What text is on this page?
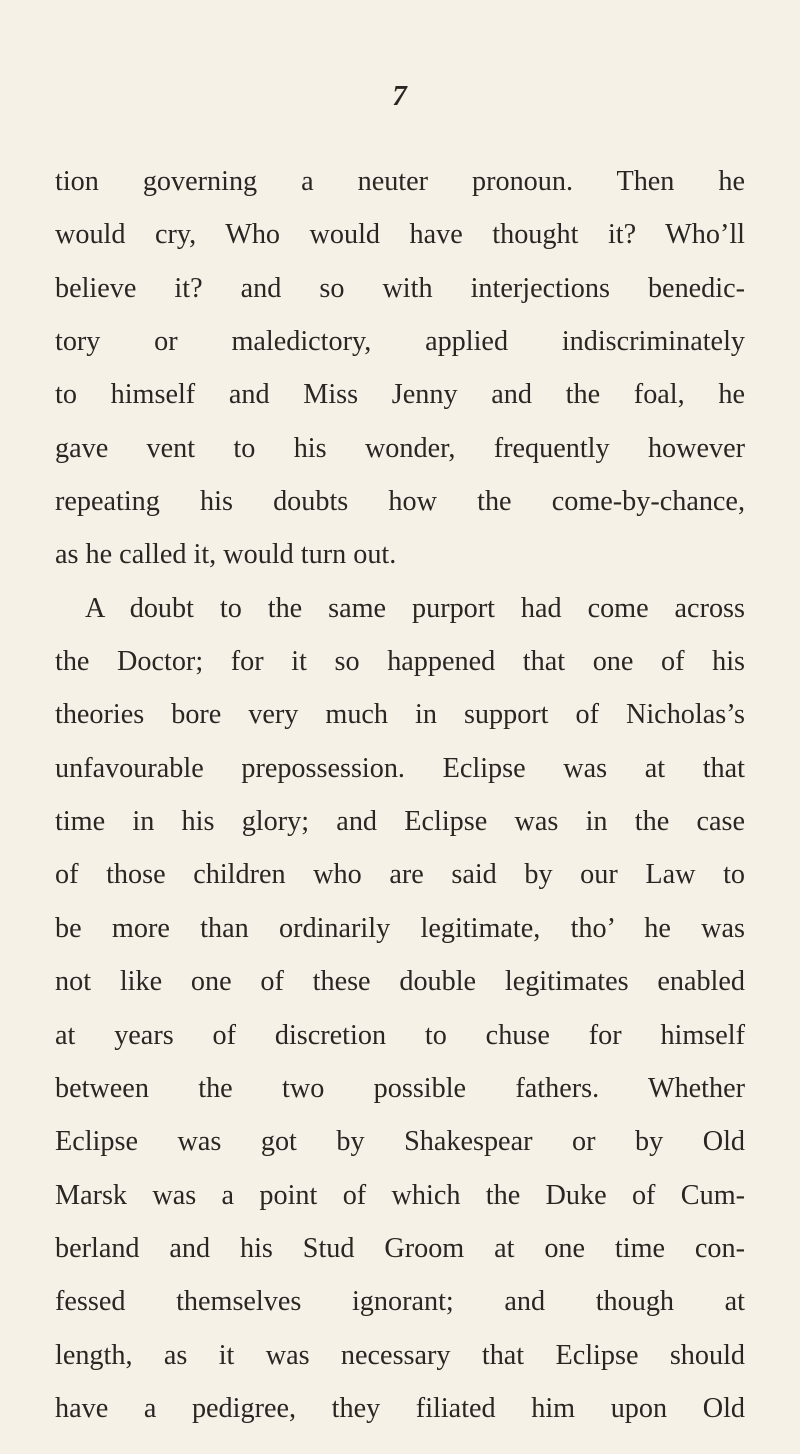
7
tion governing a neuter pronoun. Then he
would cry, Who would have thought it? Who’ll
believe it? and so with interjections benedic-
tory or maledictory, applied indiscriminately
to himself and Miss Jenny and the foal, he
gave vent to his wonder, frequently however
repeating his doubts how the come-by-chance,
as he called it, would turn out.
A doubt to the same purport had come across
the Doctor; for it so happened that one of his
theories bore very much in support of Nicholas’s
unfavourable prepossession. Eclipse was at that
time in his glory; and Eclipse was in the case
of those children who are said by our Law to
be more than ordinarily legitimate, tho’ he was
not like one of these double legitimates enabled
at years of discretion to chuse for himself
between the two possible fathers. Whether
Eclipse was got by Shakespear or by Old
Marsk was a point of which the Duke of Cum-
berland and his Stud Groom at one time con-
fessed themselves ignorant; and though at
length, as it was necessary that Eclipse should
have a pedigree, they filiated him upon Old
